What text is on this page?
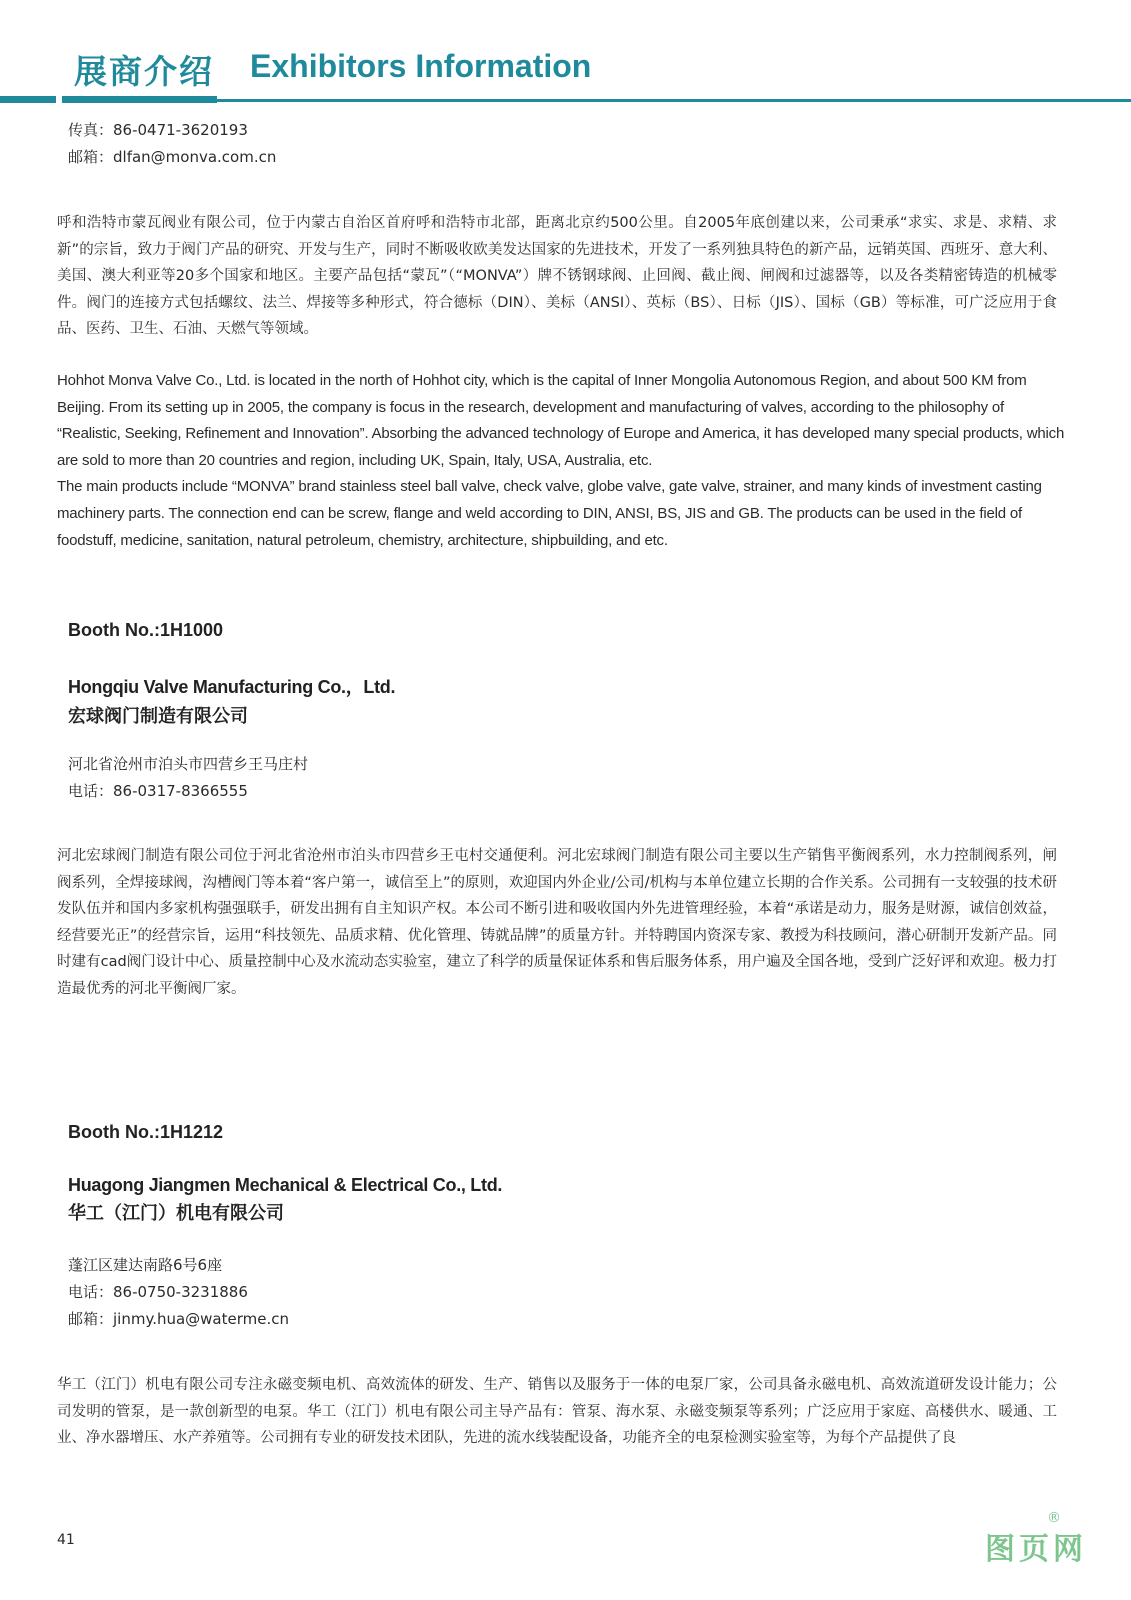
展商介绍 Exhibitors Information
传真：86-0471-3620193
邮箱：dlfan@monva.com.cn

呼和浩特市蒙瓦阀业有限公司，位于内蒙古自治区首府呼和浩特市北部，距离北京约500公里。自2005年底创建以来，公司秉承“求实、求是、求精、求新”的宗旨，致力于阀门产品的研究、开发与生产，同时不断吸收欧美发达国家的先进技术，开发了一系列独具特色的新产品，远销英国、西班牙、意大利、美国、澳大利亚等20多个国家和地区。主要产品包括“蒙瓦”（“MONVA”）牌不锈钢球阀、止回阀、截止阀、闸阀和过滤器等，以及各类精密铸造的机械零件。阀门的连接方式包括螺纹、法兰、焊接等多种形式，符合德标（DIN）、美标（ANSI）、英标（BS）、日标（JIS）、国标（GB）等标准，可广泛应用于食品、医药、卫生、石油、天燃气等领域。

Hohhot Monva Valve Co., Ltd. is located in the north of Hohhot city, which is the capital of Inner Mongolia Autonomous Region, and about 500 KM from Beijing. From its setting up in 2005, the company is focus in the research, development and manufacturing of valves, according to the philosophy of “Realistic, Seeking, Refinement and Innovation”. Absorbing the advanced technology of Europe and America, it has developed many special products, which are sold to more than 20 countries and region, including UK, Spain, Italy, USA, Australia, etc.

The main products include “MONVA” brand stainless steel ball valve, check valve, globe valve, gate valve, strainer, and many kinds of investment casting machinery parts. The connection end can be screw, flange and weld according to DIN, ANSI, BS, JIS and GB. The products can be used in the field of foodstuff, medicine, sanitation, natural petroleum, chemistry, architecture, shipbuilding, and etc.

Booth No.:1H1000
Hongqiu Valve Manufacturing Co.，Ltd.
宏球阀门制造有限公司
河北省沧州市泊头市四营乡王马庄村
电话：86-0317-8366555

河北宏球阀门制造有限公司位于河北省沧州市泊头市四营乡王屯村交通便利。河北宏球阀门制造有限公司主要以生产销售平衡阀系列，水力控制阀系列，闸阀系列，全焊接球阀，沟槽阀门等本着“客户第一，诚信至上”的原则，欢迎国内外企业/公司/机构与本单位建立长期的合作关系。公司拥有一支较强的技术研发队伍并和国内多家机构强强联手，研发出拥有自主知识产权。本公司不断引进和吸收国内外先进管理经验，本着“承诺是动力，服务是财源，诚信创效益，经营要光正”的经营宗旨，运用“科技领先、品质求精、优化管理、铸就品牌”的质量方针。并特聘国内资深专家、教授为科技顾问，潜心研制开发新产品。同时建有cad阀门设计中心、质量控制中心及水流动态实验室，建立了科学的质量保证体系和售后服务体系，用户遍及全国各地，受到广泛好评和欢迎。极力打造最优秀的河北平衡阀厂家。

Booth No.:1H1212
Huagong Jiangmen Mechanical & Electrical Co., Ltd.
华工（江门）机电有限公司
蓬江区建达南路6号6座
电话：86-0750-3231886
邮箱：jinmy.hua@waterme.cn

华工（江门）机电有限公司专注永磁变频电机、高效流体的研发、生产、销售以及服务于一体的电泵厂家，公司具备永磁电机、高效流道研发设计能力；公司发明的管泵，是一款创新型的电泵。华工（江门）机电有限公司主导产品有：管泵、海水泵、永磁变频泵等系列；广泛应用于家庭、高楼供水、暖通、工业、净水器增压、水产养殖等。公司拥有专业的研发技术团队，先进的流水线装配设备，功能齐全的电泵检测实验室等，为每个产品提供了良

41	图页网
®
